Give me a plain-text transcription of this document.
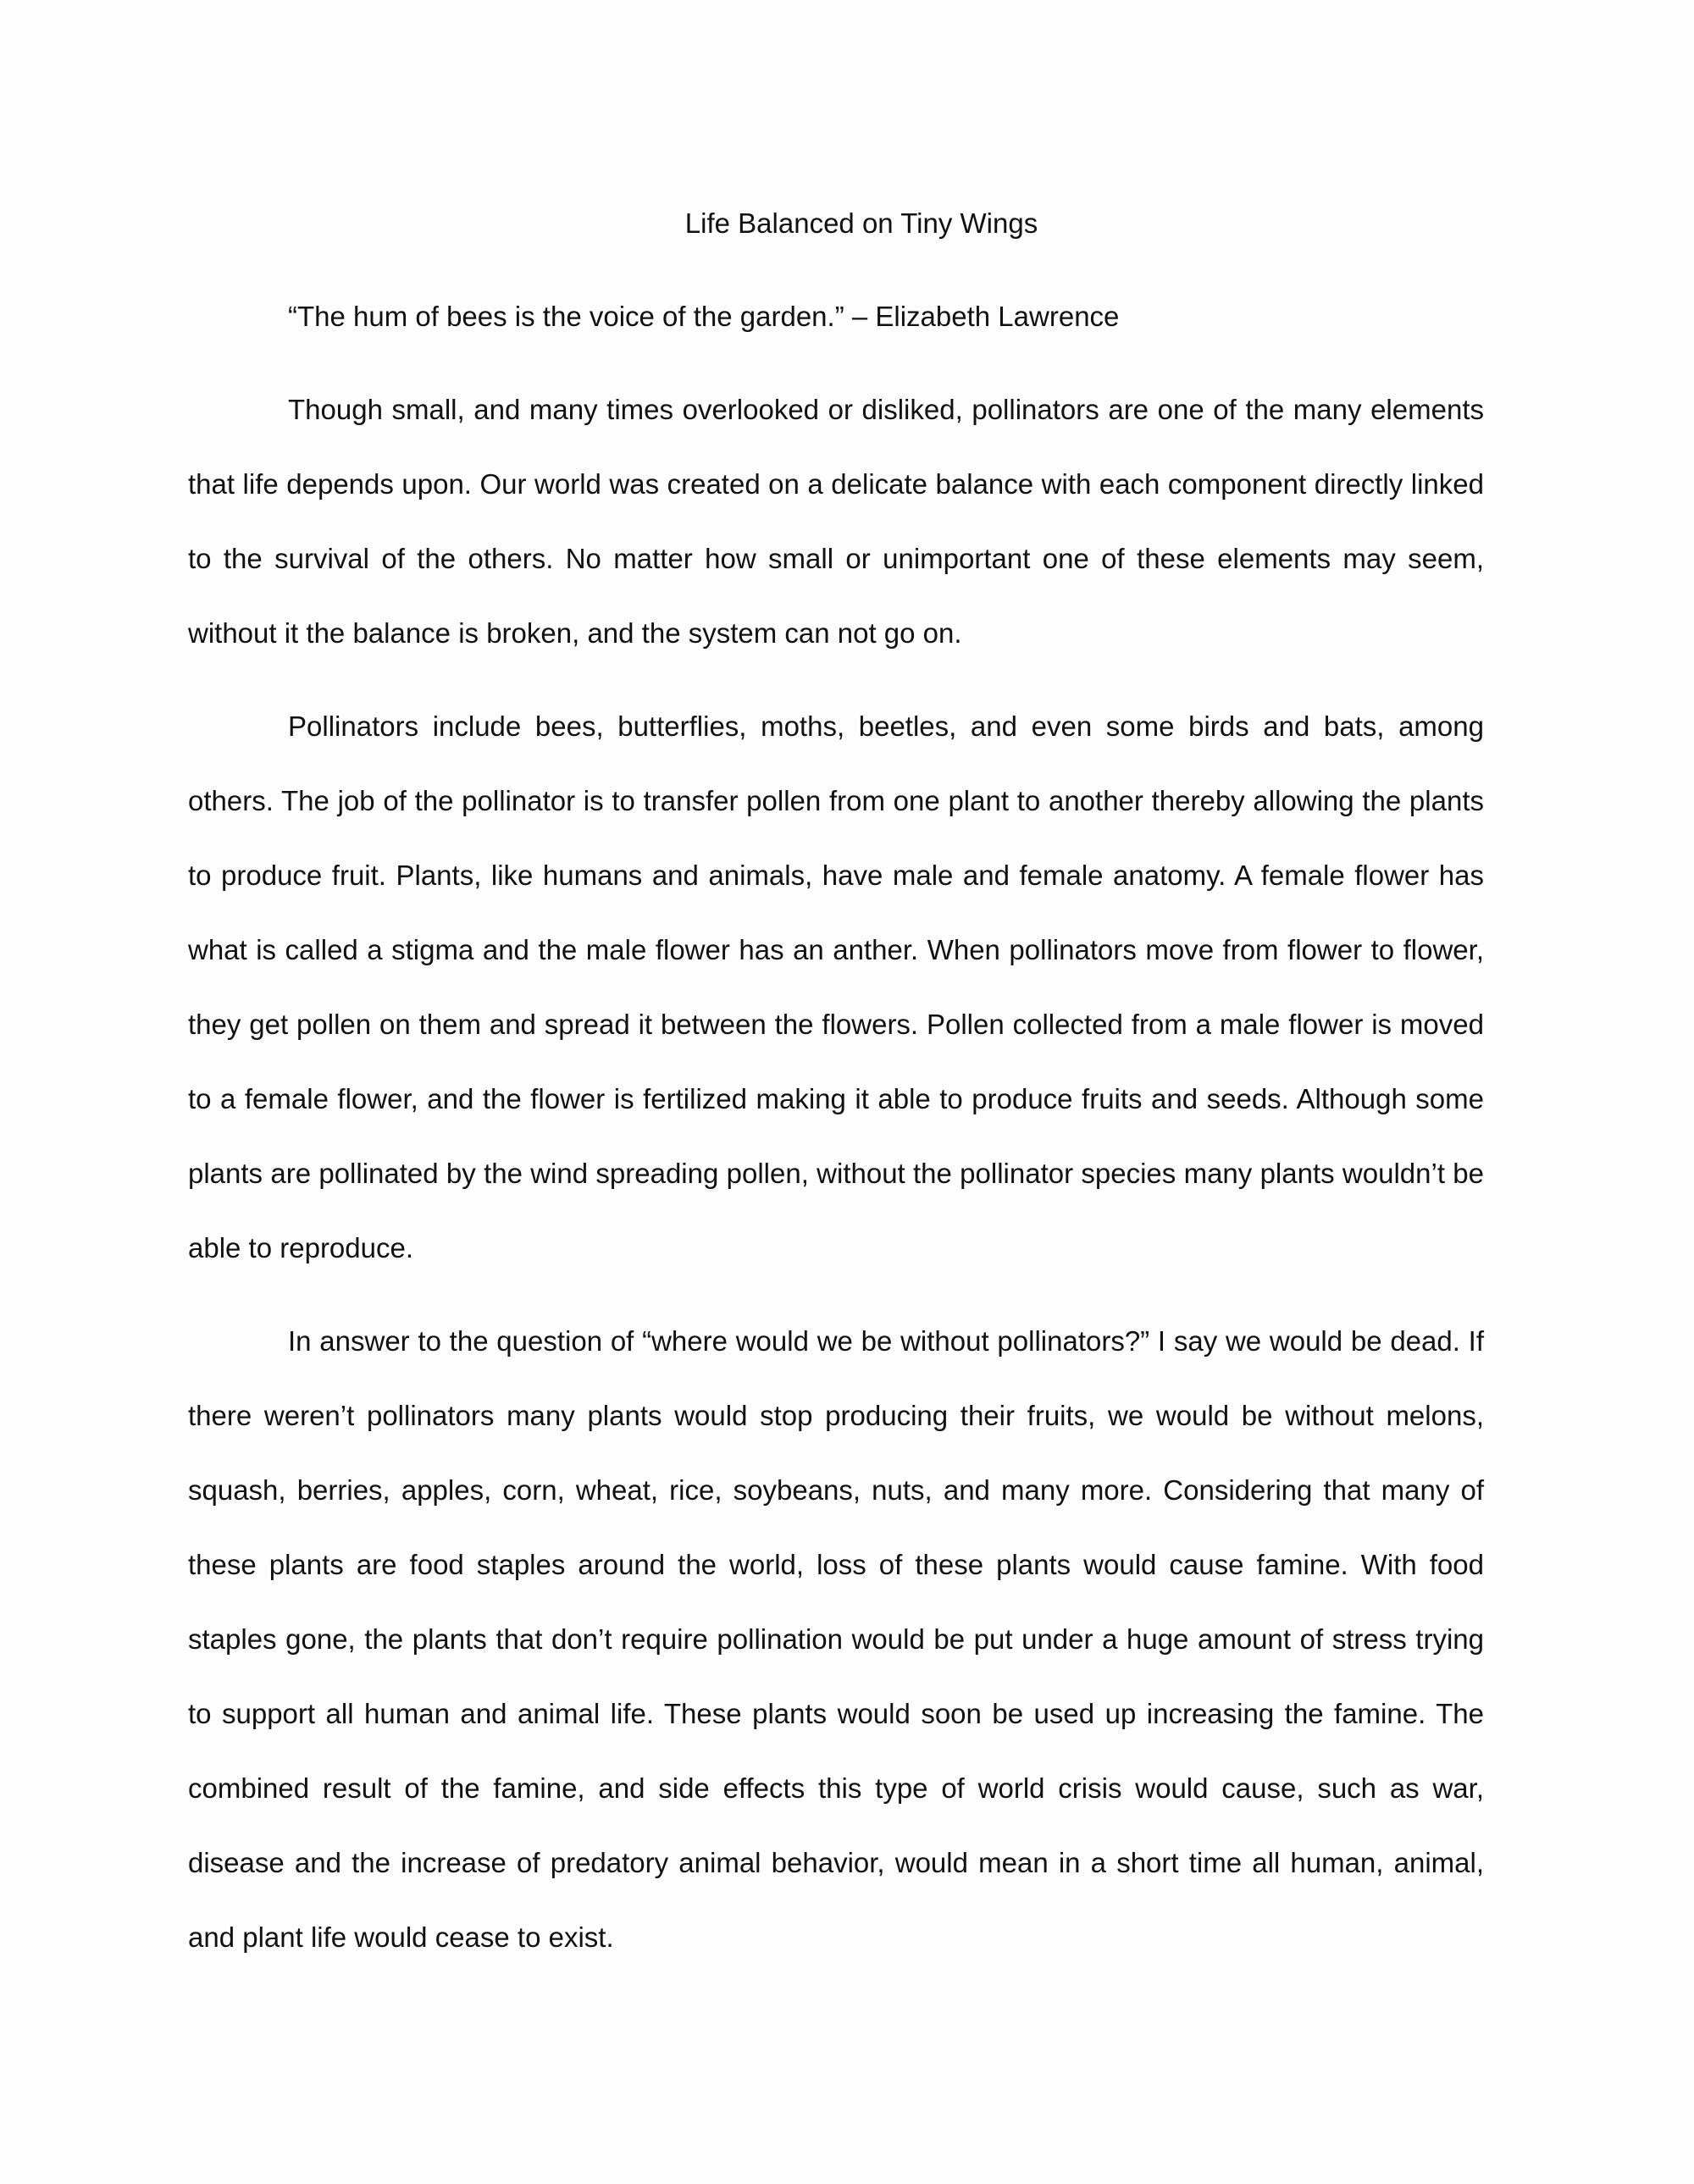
Life Balanced on Tiny Wings
“The hum of bees is the voice of the garden.” – Elizabeth Lawrence

Though small, and many times overlooked or disliked, pollinators are one of the many elements that life depends upon. Our world was created on a delicate balance with each component directly linked to the survival of the others. No matter how small or unimportant one of these elements may seem, without it the balance is broken, and the system can not go on.

Pollinators include bees, butterflies, moths, beetles, and even some birds and bats, among others. The job of the pollinator is to transfer pollen from one plant to another thereby allowing the plants to produce fruit. Plants, like humans and animals, have male and female anatomy. A female flower has what is called a stigma and the male flower has an anther. When pollinators move from flower to flower, they get pollen on them and spread it between the flowers. Pollen collected from a male flower is moved to a female flower, and the flower is fertilized making it able to produce fruits and seeds. Although some plants are pollinated by the wind spreading pollen, without the pollinator species many plants wouldn’t be able to reproduce.

In answer to the question of “where would we be without pollinators?” I say we would be dead. If there weren’t pollinators many plants would stop producing their fruits, we would be without melons, squash, berries, apples, corn, wheat, rice, soybeans, nuts, and many more. Considering that many of these plants are food staples around the world, loss of these plants would cause famine. With food staples gone, the plants that don’t require pollination would be put under a huge amount of stress trying to support all human and animal life. These plants would soon be used up increasing the famine. The combined result of the famine, and side effects this type of world crisis would cause, such as war, disease and the increase of predatory animal behavior, would mean in a short time all human, animal, and plant life would cease to exist.
